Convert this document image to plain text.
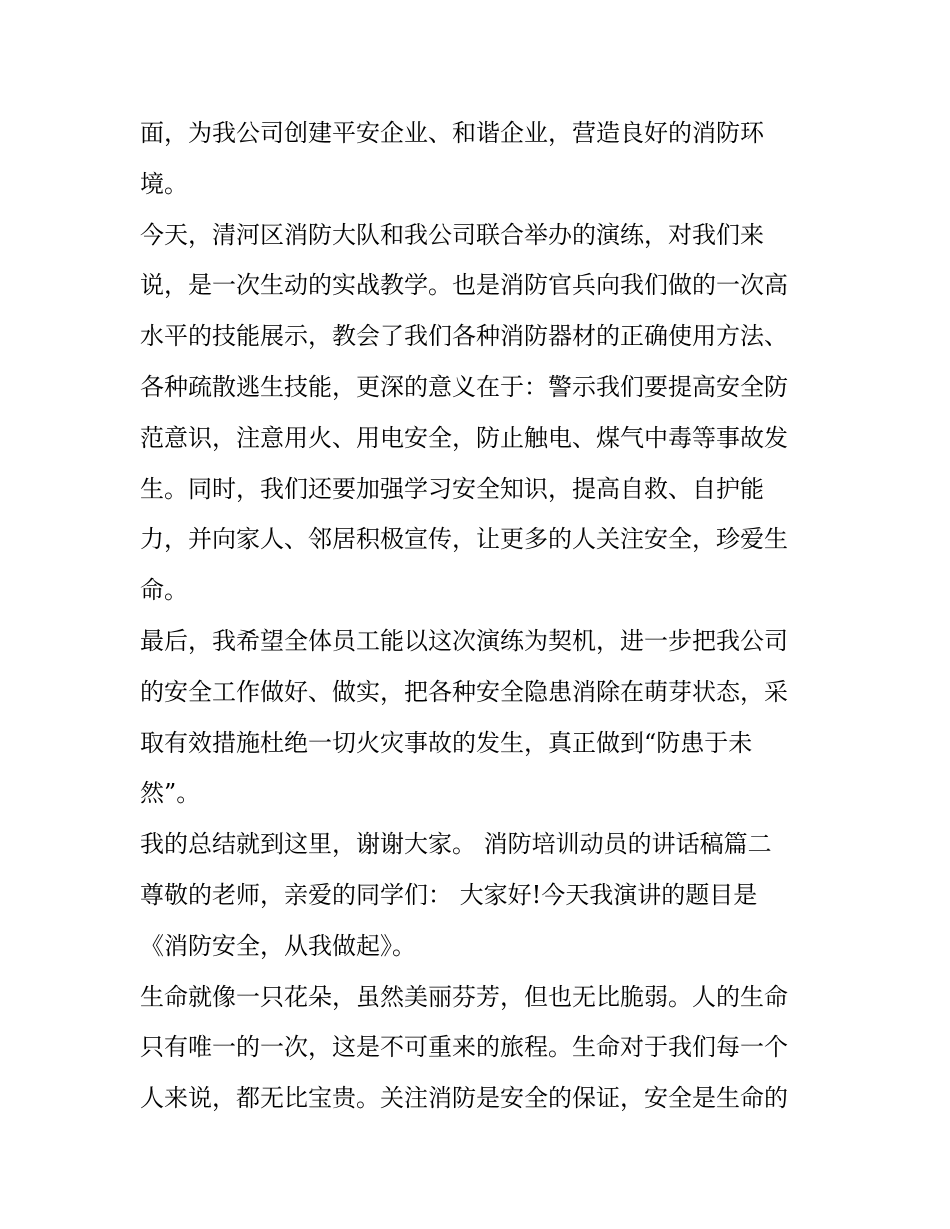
面，为我公司创建平安企业、和谐企业，营造良好的消防环
境。
今天，清河区消防大队和我公司联合举办的演练，对我们来
说，是一次生动的实战教学。也是消防官兵向我们做的一次高
水平的技能展示，教会了我们各种消防器材的正确使用方法、
各种疏散逃生技能，更深的意义在于：警示我们要提高安全防
范意识，注意用火、用电安全，防止触电、煤气中毒等事故发
生。同时，我们还要加强学习安全知识，提高自救、自护能
力，并向家人、邻居积极宣传，让更多的人关注安全，珍爱生
命。
最后，我希望全体员工能以这次演练为契机，进一步把我公司
的安全工作做好、做实，把各种安全隐患消除在萌芽状态，采
取有效措施杜绝一切火灾事故的发生，真正做到“防患于未
然”。
我的总结就到这里，谢谢大家。 消防培训动员的讲话稿篇二
尊敬的老师，亲爱的同学们： 大家好!今天我演讲的题目是
《消防安全，从我做起》。
生命就像一只花朵，虽然美丽芬芳，但也无比脆弱。人的生命
只有唯一的一次，这是不可重来的旅程。生命对于我们每一个
人来说，都无比宝贵。关注消防是安全的保证，安全是生命的
